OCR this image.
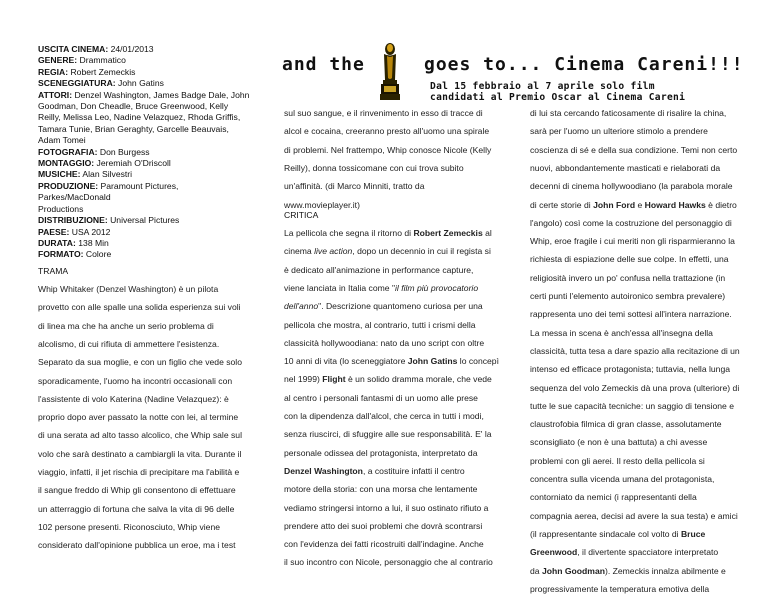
USCITA CINEMA: 24/01/2013
GENERE: Drammatico
REGIA: Robert Zemeckis
SCENEGGIATURA: John Gatins
ATTORI: Denzel Washington, James Badge Dale, John
Goodman, Don Cheadle, Bruce Greenwood, Kelly
Reilly, Melissa Leo, Nadine Velazquez, Rhoda Griffis,
Tamara Tunie, Brian Geraghty, Garcelle Beauvais,
Adam Tomei
FOTOGRAFIA: Don Burgess
MONTAGGIO: Jeremiah O'Driscoll
MUSICHE: Alan Silvestri
PRODUZIONE: Paramount Pictures, Parkes/MacDonald
Productions
DISTRIBUZIONE: Universal Pictures
PAESE: USA 2012
DURATA: 138 Min
FORMATO: Colore
and the	goes to... Cinema Careni!!!
Dal 15 febbraio al 7 aprile solo film
candidati al Premio Oscar al Cinema Careni
TRAMA
Whip Whitaker (Denzel Washington) è un pilota
provetto con alle spalle una solida esperienza sui voli
di linea ma che ha anche un serio problema di
alcolismo, di cui rifiuta di ammettere l'esistenza.
Separato da sua moglie, e con un figlio che vede solo
sporadicamente, l'uomo ha incontri occasionali con
l'assistente di volo Katerina (Nadine Velazquez): è
proprio dopo aver passato la notte con lei, al termine
di una serata ad alto tasso alcolico, che Whip sale sul
volo che sarà destinato a cambiargli la vita. Durante il
viaggio, infatti, il jet rischia di precipitare ma l'abilità e
il sangue freddo di Whip gli consentono di effettuare
un atterraggio di fortuna che salva la vita di 96 delle
102 persone presenti. Riconosciuto, Whip viene
considerato dall'opinione pubblica un eroe, ma i test
sul suo sangue, e il rinvenimento in esso di tracce di
alcol e cocaina, creeranno presto all'uomo una spirale
di problemi. Nel frattempo, Whip conosce Nicole (Kelly
Reilly), donna tossicomane con cui trova subito
un'affinità. (di Marco Minniti, tratto da
www.movieplayer.it)
CRITICA
La pellicola che segna il ritorno di Robert Zemeckis al
cinema live action, dopo un decennio in cui il regista si
è dedicato all'animazione in performance capture,
viene lanciata in Italia come "il film più provocatorio
dell'anno". Descrizione quantomeno curiosa per una
pellicola che mostra, al contrario, tutti i crismi della
classicità hollywoodiana: nato da uno script con oltre
10 anni di vita (lo sceneggiatore John Gatins lo concepì
nel 1999) Flight è un solido dramma morale, che vede
al centro i personali fantasmi di un uomo alle prese
con la dipendenza dall'alcol, che cerca in tutti i modi,
senza riuscirci, di sfuggire alle sue responsabilità. E' la
personale odissea del protagonista, interpretato da
Denzel Washington, a costituire infatti il centro
motore della storia: con una morsa che lentamente
vediamo stringersi intorno a lui, il suo ostinato rifiuto a
prendere atto dei suoi problemi che dovrà scontrarsi
con l'evidenza dei fatti ricostruiti dall'indagine. Anche
il suo incontro con Nicole, personaggio che al contrario
di lui sta cercando faticosamente di risalire la china,
sarà per l'uomo un ulteriore stimolo a prendere
coscienza di sé e della sua condizione. Temi non certo
nuovi, abbondantemente masticati e rielaborati da
decenni di cinema hollywoodiano (la parabola morale
di certe storie di John Ford e Howard Hawks è dietro
l'angolo) così come la costruzione del personaggio di
Whip, eroe fragile i cui meriti non gli risparmieranno la
richiesta di espiazione delle sue colpe. In effetti, una
religiosità invero un po' confusa nella trattazione (in
certi punti l'elemento autoironico sembra prevalere)
rappresenta uno dei temi sottesi all'intera narrazione.
La messa in scena è anch'essa all'insegna della
classicità, tutta tesa a dare spazio alla recitazione di un
intenso ed efficace protagonista; tuttavia, nella lunga
sequenza del volo Zemeckis dà una prova (ulteriore) di
tutte le sue capacità tecniche: un saggio di tensione e
claustrofobia filmica di gran classe, assolutamente
sconsigliato (e non è una battuta) a chi avesse
problemi con gli aerei. Il resto della pellicola si
concentra sulla vicenda umana del protagonista,
contorniato da nemici (i rappresentanti della
compagnia aerea, decisi ad avere la sua testa) e amici
(il rappresentante sindacale col volto di Bruce
Greenwood, il divertente spacciatore interpretato
da John Goodman). Zemeckis innalza abilmente e
progressivamente la temperatura emotiva della
